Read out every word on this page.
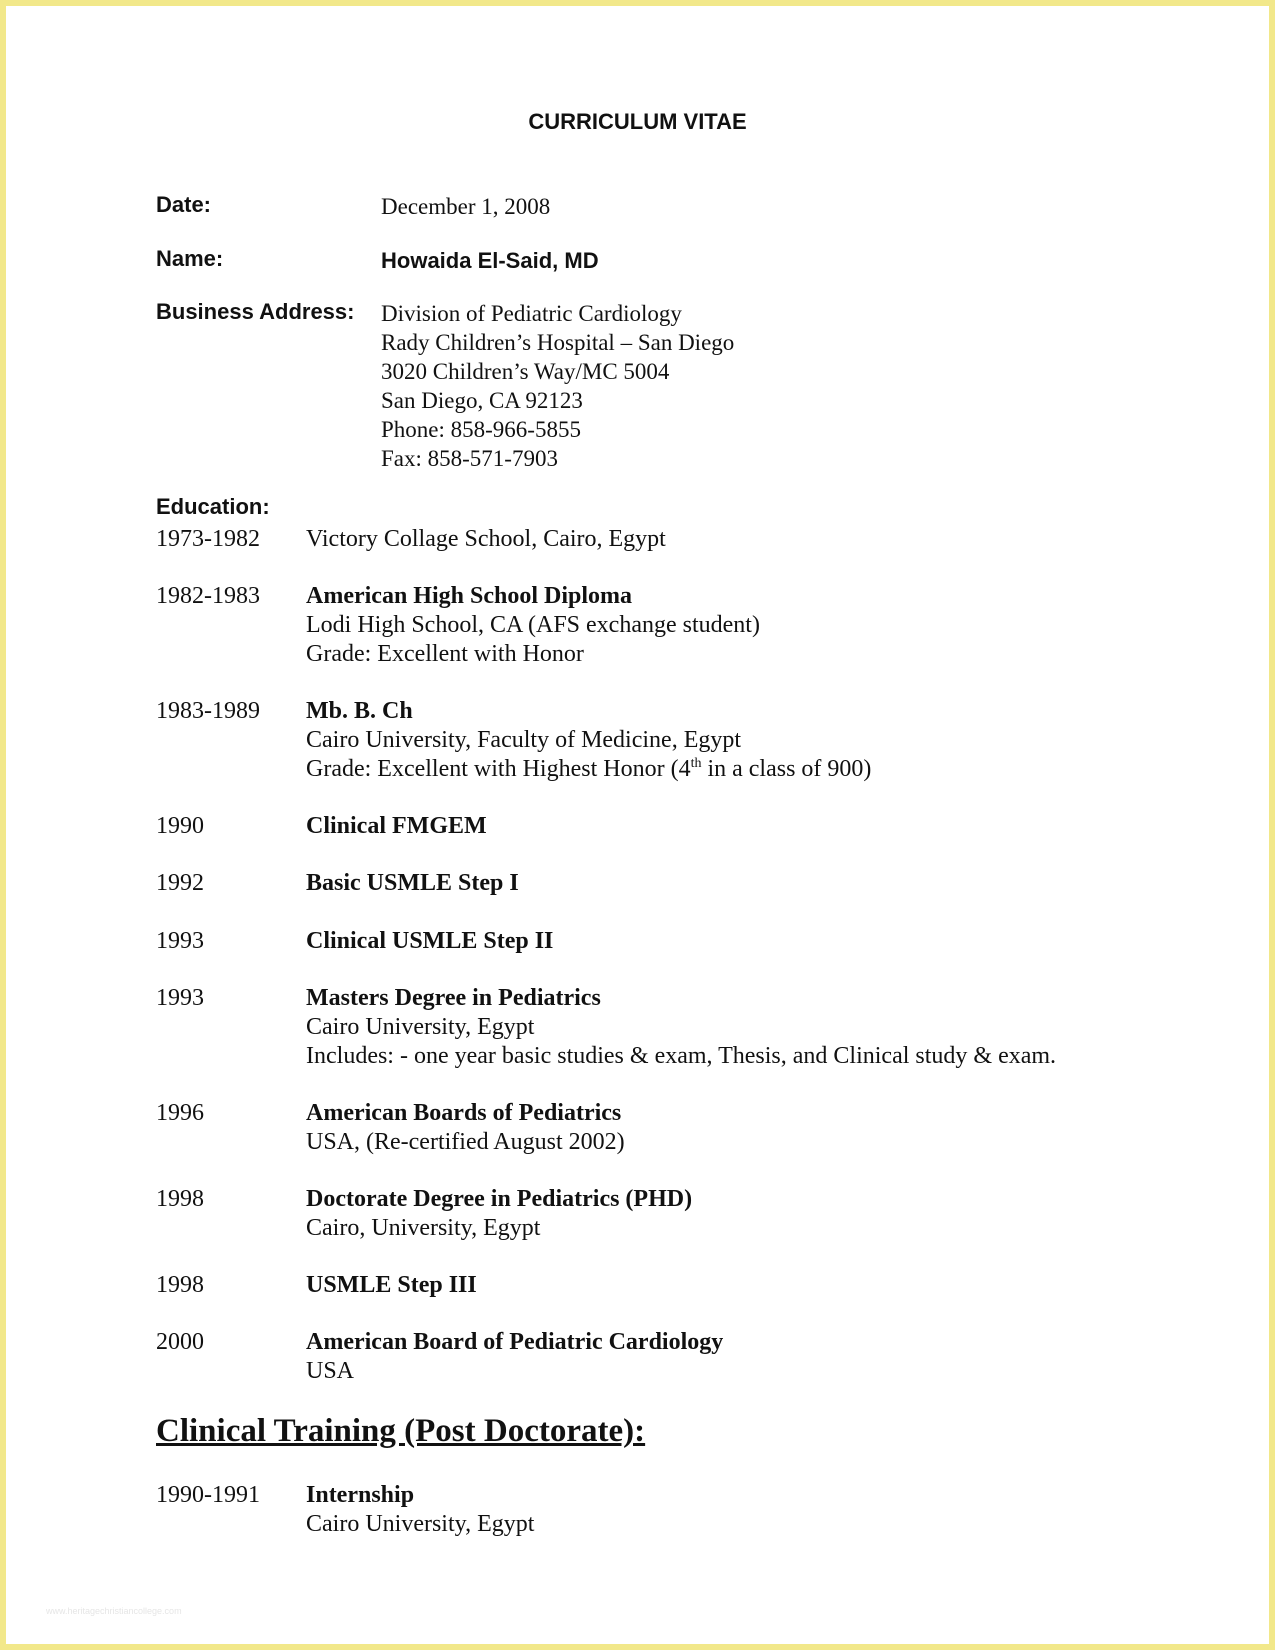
CURRICULUM VITAE
Date:	December 1, 2008
Name:	Howaida El-Said, MD
Business Address: Division of Pediatric Cardiology
Rady Children’s Hospital – San Diego
3020 Children’s Way/MC 5004
San Diego, CA 92123
Phone: 858-966-5855
Fax: 858-571-7903
Education:
1973-1982 Victory Collage School, Cairo, Egypt
1982-1983 American High School Diploma
Lodi High School, CA (AFS exchange student)
Grade: Excellent with Honor
1983-1989 Mb. B. Ch
Cairo University, Faculty of Medicine, Egypt
Grade: Excellent with Highest Honor (4th in a class of 900)
1990	Clinical FMGEM
1992	Basic USMLE Step I
1993	Clinical USMLE Step II
1993	Masters Degree in Pediatrics
Cairo University, Egypt
Includes: - one year basic studies & exam, Thesis, and Clinical study & exam.
1996	American Boards of Pediatrics
USA, (Re-certified August 2002)
1998	Doctorate Degree in Pediatrics (PHD)
Cairo, University, Egypt
1998	USMLE Step III
2000	American Board of Pediatric Cardiology
USA
Clinical Training (Post Doctorate):
1990-1991 Internship
Cairo University, Egypt
www.heritagechristiancollege.com
